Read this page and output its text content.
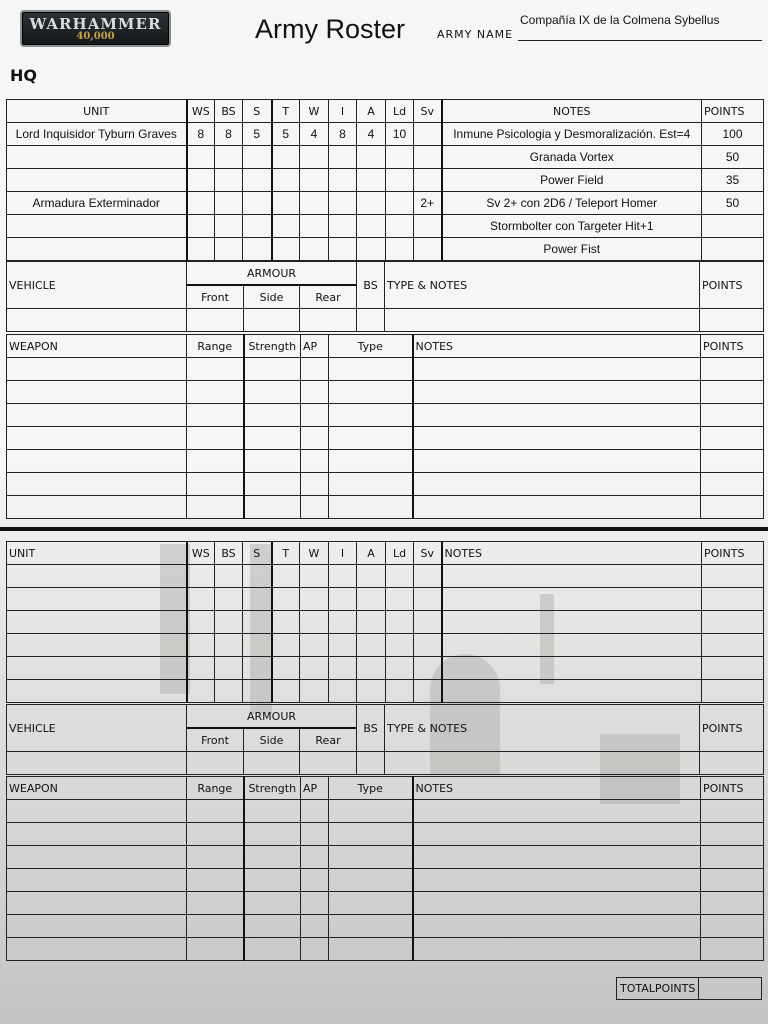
WARHAMMER
40,000	Army Roster	ARMY NAME
Compañía IX de la Colmena Sybellus
HQ
UNIT	WS	BS	S	T	W	I	A	Ld	Sv	NOTES	POINTS
Lord Inquisidor Tyburn Graves	8	8	5	5	4	8	4	10		Inmune Psicologia y Desmoralización. Est=4	100
										Granada Vortex	50
										Power Field	35
Armadura Exterminador									2+	Sv 2+ con 2D6 / Teleport Homer	50
										Stormbolter con Targeter Hit+1	
										Power Fist	
VEHICLE	ARMOUR			BS	TYPE & NOTES	POINTS
	Front	Side	Rear			

WEAPON	Range	Strength	AP	Type	NOTES	POINTS

UNIT	WS	BS	S	T	W	I	A	Ld	Sv	NOTES	POINTS

VEHICLE	ARMOUR			BS	TYPE & NOTES	POINTS
	Front	Side	Rear			

WEAPON	Range	Strength	AP	Type	NOTES	POINTS

TOTALPOINTS
